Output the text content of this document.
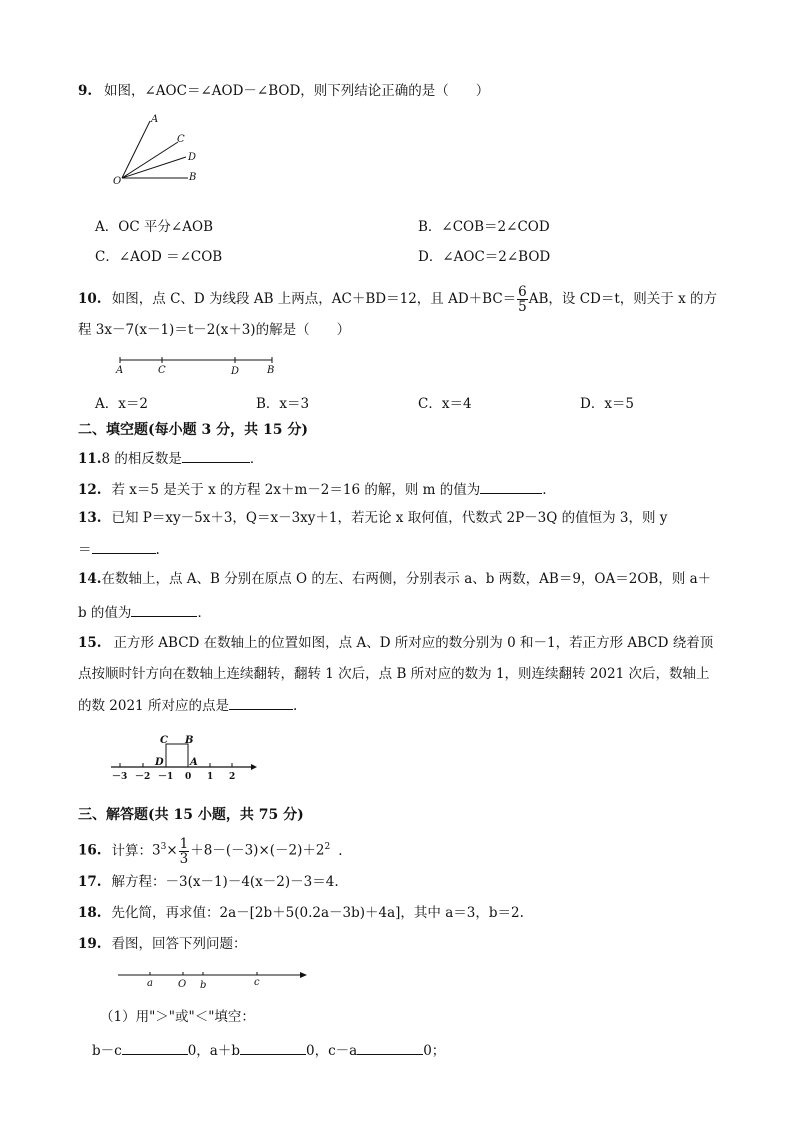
9. 如图，∠AOC＝∠AOD－∠BOD，则下列结论正确的是（　　）
A
C
D
B
O
A．OC 平分∠AOB	B．∠COB＝2∠COD
C．∠AOD ＝∠COB	D．∠AOC＝2∠BOD
10. 如图，点 C、D 为线段 AB 上两点，AC＋BD＝12，且 $AD+BC= \frac{6}{5}$ AB，设 CD＝t，则关于 x 的方
程 3x－7(x－1)＝t－2(x＋3)的解是（　　）
A	C	D	B
A．x＝2	B．x＝3	C．x＝4	D．x＝5
二、填空题(每小题 3 分，共 15 分)
11.8 的相反数是	．
12. 若 x＝5 是关于 x 的方程 2x＋m－2＝16 的解，则 m 的值为	.
13. 已知 P＝xy－5x＋3，Q＝x－3xy＋1，若无论 x 取何值，代数式 2P－3Q 的值恒为 3，则 y
＝	.
14.在数轴上，点 A、B 分别在原点 O 的左、右两侧，分别表示 a、b 两数，AB＝9，OA＝2OB，则 a＋
b 的值为	．
15. 正方形 ABCD 在数轴上的位置如图，点 A、D 所对应的数分别为 0 和－1，若正方形 ABCD 绕着顶
点按顺时针方向在数轴上连续翻转，翻转 1 次后，点 B 所对应的数为 1，则连续翻转 2021 次后，数轴上
的数 2021 所对应的点是	.
C B
D	A
－3 －2 －1 0 1 2
三、解答题(共 15 小题，共 75 分)
16. 计算：$3^3\times \frac{1}{3} +8-(-3)\times(-2)+2^2$ .
17. 解方程：－3(x－1)－4(x－2)－3＝4.
18. 先化简，再求值：2a－[2b＋5(0.2a－3b)＋4a]，其中 a＝3，b＝2.
19. 看图，回答下列问题：
a	O b	c
（1）用"＞"或"＜"填空：
b－c	0，a＋b	0，c－a	0；
